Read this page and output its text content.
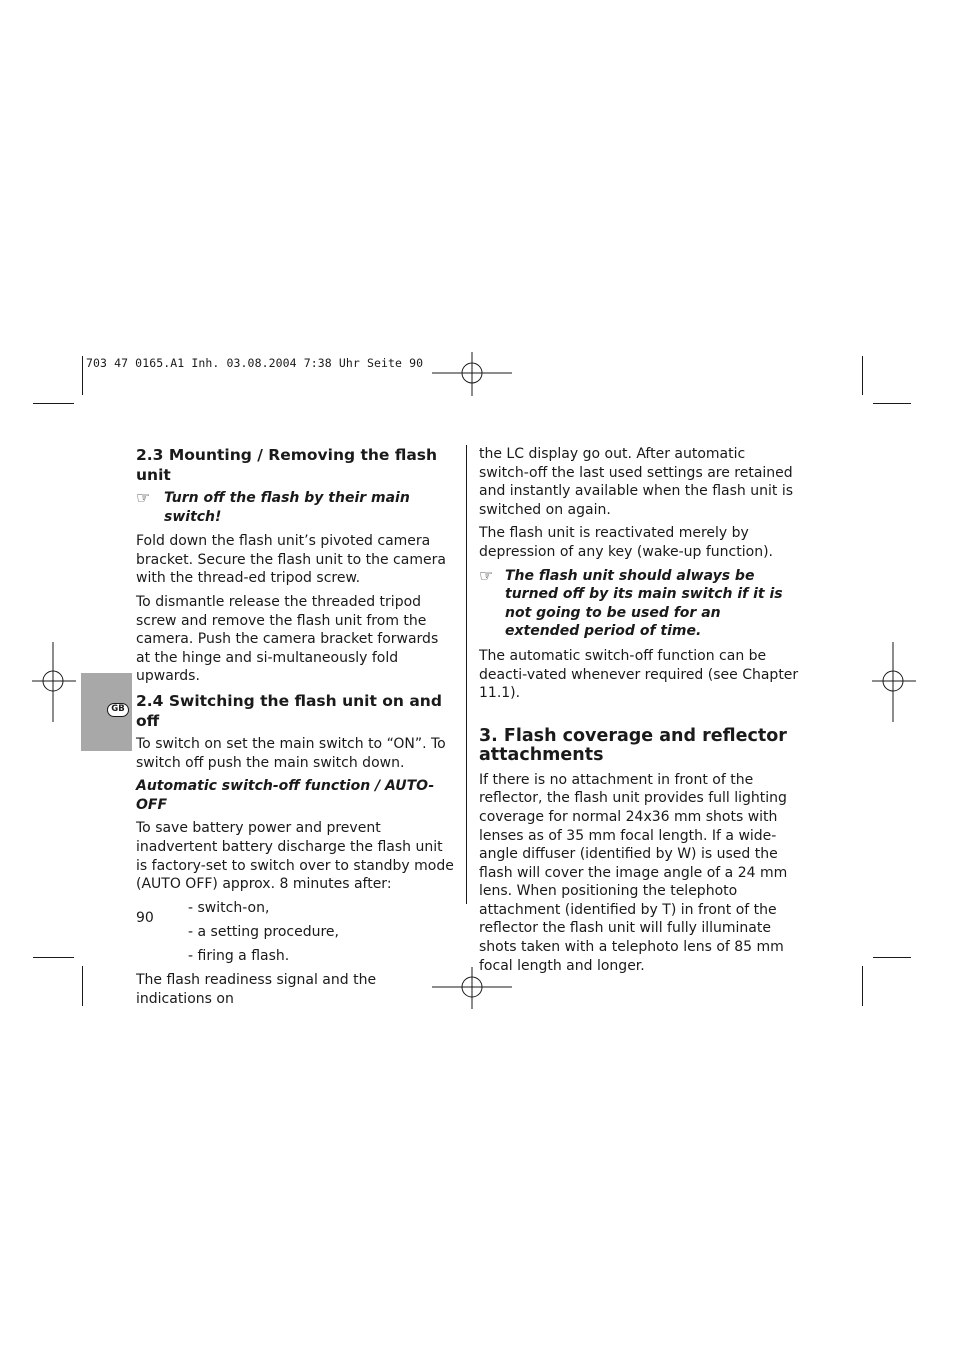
703 47 0165.A1 Inh. 03.08.2004 7:38 Uhr Seite 90
GB
2.3 Mounting / Removing the flash unit
☞ Turn off the flash by their main switch!

Fold down the flash unit’s pivoted camera bracket. Secure the flash unit to the camera with the thread-ed tripod screw.

To dismantle release the threaded tripod screw and remove the flash unit from the camera. Push the camera bracket forwards at the hinge and si-multaneously fold upwards.

2.4 Switching the flash unit on and off

To switch on set the main switch to “ON”. To switch off push the main switch down.

Automatic switch-off function / AUTO-OFF

To save battery power and prevent inadvertent battery discharge the flash unit is factory-set to switch over to standby mode (AUTO OFF) approx. 8 minutes after:

- switch-on,
- a setting procedure,
- firing a flash.

The flash readiness signal and the indications on

the LC display go out. After automatic switch-off the last used settings are retained and instantly available when the flash unit is switched on again.

The flash unit is reactivated merely by depression of any key (wake-up function).

☞ The flash unit should always be turned off by its main switch if it is not going to be used for an extended period of time.

The automatic switch-off function can be deacti-vated whenever required (see Chapter 11.1).

3. Flash coverage and reflector attachments

If there is no attachment in front of the reflector, the flash unit provides full lighting coverage for normal 24x36 mm shots with lenses as of 35 mm focal length. If a wide-angle diffuser (identified by W) is used the flash will cover the image angle of a 24 mm lens. When positioning the telephoto attachment (identified by T) in front of the reflector the flash unit will fully illuminate shots taken with a telephoto lens of 85 mm focal length and longer.

90
